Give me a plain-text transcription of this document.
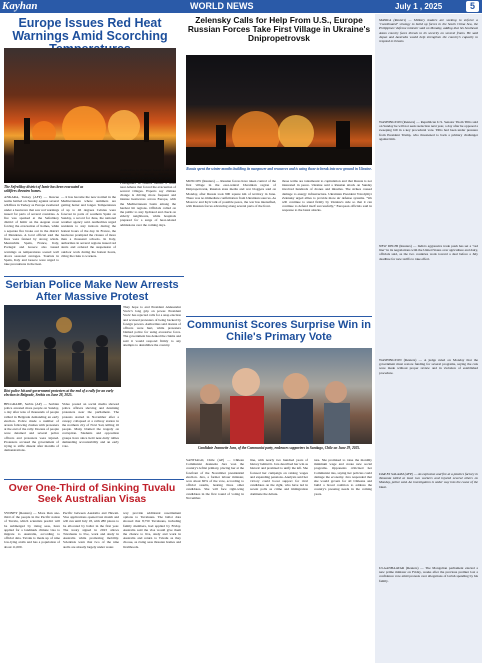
Kayhan	WORLD NEWS	July 1 , 2025	5
Europe Issues Red Heat Warnings Amid Scorching
The Sefrelikoy district of Izmir has been evacuated as wildfires threaten homes.
ANKARA, Turkey (AFP) — Rescue teams battled on Sunday against several wildfires in Turkey as Europe sweltered under a heatwave that saw red warnings issued for parts of several countries. A fire was sparked at the Sefrelikoy district of Izmir on the Aegean coast forcing the evacuation of homes, while a separate fire broke out in the district of Menderes. A local official said the fires were fanned by strong winds. Meanwhile Spain, France, Italy, Portugal and Greece also issued warnings as temperatures soared well above seasonal averages. Tourists in Spain, Italy and Greece were urged to take precautions in the heat.
— it has become the new normal in the Mediterranean where summers are getting hotter and longer. Temperatures of up to 46 degrees Celsius were forecast in parts of southern Spain on Sunday, a record for June, the national weather agency said. Authorities urged residents to stay indoors during the hottest hours of the day. In France, the heatwave prompted the closure of more than a thousand schools. In Italy, authorities in several regions issued red alerts and ordered the suspension of outdoor work during the hottest hours, citing the risks to workers.
Authorities in Portugal issued a red heat warning for several districts as temperatures approached 46 degrees. Firefighters in Greece battled a blaze near Athens that forced the evacuation of several villages. Experts say climate change is driving more frequent and intense heatwaves across Europe, with the Mediterranean basin among the hardest hit regions. Officials called on the public to stay hydrated and check on elderly neighbours, while hospitals prepared for a surge of heat-related admissions over the coming days.
Serbian Police Make New Arrests After Massive Protest
Riot police hit anti-government protesters at the end of a rally for an early election in Belgrade, Serbia on June 28, 2025.
BELGRADE, Serbia (AP) — Serbian police arrested more people on Sunday, a day after tens of thousands of people rallied in Belgrade demanding an early election. Police made a number of arrests following clashes with protesters at the end of the rally. Dozens of people were detained and several police officers and protesters were injured. Protesters accused the government of trying to stifle dissent after months of demonstrations.
Video posted on social media showed police officers shoving and detaining protesters near the parliament. The protests started in November after a canopy collapsed at a railway station in the northern city of Novi Sad, killing 16 people. Many blamed the tragedy on corruption. Students and opposition groups have since held near-daily rallies demanding accountability and an early vote.
They hope to end President Aleksandar Vucic's long grip on power. President Vucic has rejected calls for a snap election and accused protesters of being backed by foreign powers. Authorities said dozens of officers were hurt, while protesters blamed police for using excessive force. The government has denied the claims and said it would respond firmly to any attempts to destabilize the country.
Over One-Third of Sinking Tuvalu Seek Australian Visas
SYDNEY (Reuters) — More than one-third of the people in the Pacific nation of Tuvalu, which scientists predict will be submerged by rising seas, have applied for a landmark climate visa to migrate to Australia, according to official data. Tuvalu is made up of nine low-lying atolls and has a population of about 11,000.
Pacific between Australia and Hawaii. Visa applications opened last month and will run until July 18, with 280 places to be allocated by ballot in the first year. The treaty signed in 2023 allows Tuvaluans to live, work and study in Australia while promoting mobility. Scientists warn that two of the nine atolls are already largely under water.
way provide additional resettlement options to Tuvaluans. The ballot data showed that 8,750 Tuvaluans, including family members, had applied by Friday. Australia said the visa would give them the chance to live, study and work in Australia and return to Tuvalu as they choose, as rising seas threaten homes and livelihoods.
Zelensky Calls for Help From U.S., Europe Russian Forces Take First Village in Ukraine's Dnipropetrovsk
Russia spent the winter months building its manpower and resources and is using those to break into new ground in Ukraine.
MOSCOW (Reuters) — Russian forces have taken control of the first village in the east-central Ukrainian region of Dnipropetrovsk, Russian state media and war bloggers said on Monday, after Russia took 900 square km of territory in June. There was no immediate confirmation from Ukrainian sources. As Moscow and Kyiv talk of possible peace, the war has intensified, with Russian forces advancing along several parts of the front.
those terms are tantamount to capitulation and that Russia is not interested in peace. Ukraine said a Russian attack on Sunday involved hundreds of drones and missiles. The strikes caused damage to energy infrastructure. Ukrainian President Volodymyr Zelensky urged allies to provide more air defense systems. "We will continue to stand firmly by Ukraine's side so that it can continue to defend itself successfully," European officials said in response to the latest attacks.
Communist Scores Surprise Win in Chile's Primary Vote
Candidate Jeannette Jara, of the Communist party, embraces supporters in Santiago, Chile on June 29, 2025.
SANTIAGO, Chile (AP) — Chilean Communist Jeannette Jara won the country's leftist primary, placing her at the forefront of the November presidential election. Jara, a former labour minister, won about 60% of the vote, according to official results, beating three other candidates. She will face right-wing candidates in the first round of voting in November.
line, with nearly two hundred years of history behind it. Jara described her win as historic and promised to unify the left. She focused her campaign on raising wages and expanding pensions. Analysts said her victory could boost support for rival candidates on the right, who have led in recent polls as crime and immigration dominate the debate.
ture. She promised to raise the monthly minimum wage and create new social programs. Opponents criticized her Communist ties, saying her policies could damage the economy. Jara responded that she would govern for all Chileans and build a broad coalition to address the country's pressing needs in the coming years.
MANILA (Reuters) — Military leaders are seeking to enforce a "coordinated" strategy to build up forces in the South China Sea, the Philippines' defense minister said on Monday, adding that his Southeast Asian country faces threats to its security on several fronts. He said Japan and Australia would help strengthen the country's capacity to respond to threats.
WASHINGTON (Reuters) — Republican U.S. Senator Thom Tillis said on Sunday he will not seek reelection next year, a day after he opposed a sweeping bill in a key procedural vote. Tillis had been under pressure from President Trump, who threatened to back a primary challenger against him.
NEW DELHI (Reuters) — India's aggressive trade push has set a "red line" in its negotiations with the United States over agriculture and dairy, officials said, as the two countries work toward a deal before a July deadline for new tariffs to take effect.
WASHINGTON (Reuters) — A judge ruled on Monday that the government must restore funding for several programs, saying the cuts were made without proper review and in violation of established procedure.
DAR ES SALAAM (AFP) — An explosion and fire at a plastics factory in Tanzania killed at least two workers and injured several others on Monday, police said. An investigation is under way into the cause of the blaze.
ULAANBAATAR (Reuters) — The Mongolian parliament elected a new prime minister on Friday, weeks after the previous premier lost a confidence vote amid protests over allegations of lavish spending by his family.
